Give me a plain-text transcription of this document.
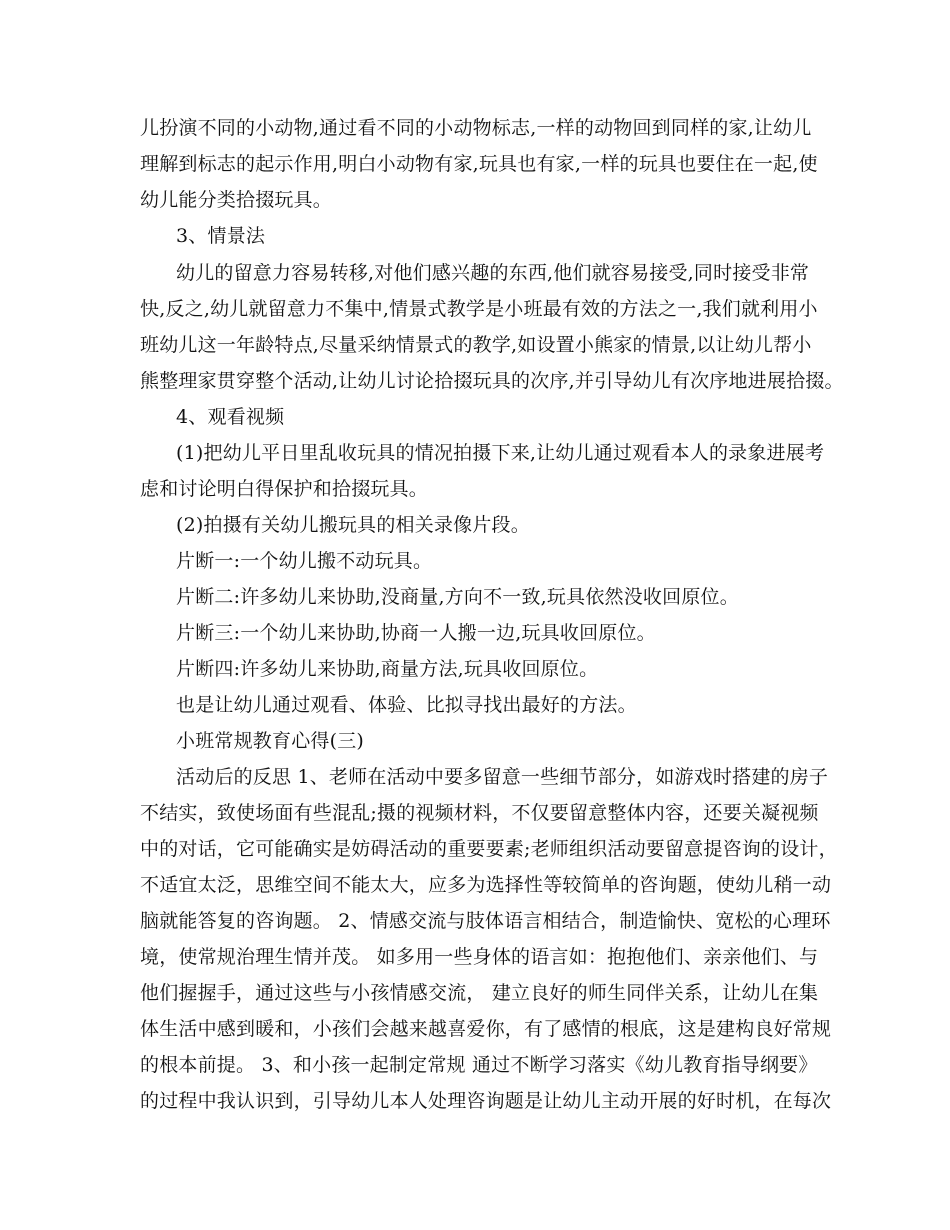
儿扮演不同的小动物,通过看不同的小动物标志,一样的动物回到同样的家,让幼儿
理解到标志的起示作用,明白小动物有家,玩具也有家,一样的玩具也要住在一起,使
幼儿能分类拾掇玩具。
3、情景法
幼儿的留意力容易转移,对他们感兴趣的东西,他们就容易接受,同时接受非常
快,反之,幼儿就留意力不集中,情景式教学是小班最有效的方法之一,我们就利用小
班幼儿这一年龄特点,尽量采纳情景式的教学,如设置小熊家的情景,以让幼儿帮小
熊整理家贯穿整个活动,让幼儿讨论拾掇玩具的次序,并引导幼儿有次序地进展拾掇。
4、观看视频
(1)把幼儿平日里乱收玩具的情况拍摄下来,让幼儿通过观看本人的录象进展考
虑和讨论明白得保护和拾掇玩具。
(2)拍摄有关幼儿搬玩具的相关录像片段。
片断一:一个幼儿搬不动玩具。
片断二:许多幼儿来协助,没商量,方向不一致,玩具依然没收回原位。
片断三:一个幼儿来协助,协商一人搬一边,玩具收回原位。
片断四:许多幼儿来协助,商量方法,玩具收回原位。
也是让幼儿通过观看、体验、比拟寻找出最好的方法。
小班常规教育心得(三)
活动后的反思 1、老师在活动中要多留意一些细节部分，如游戏时搭建的房子
不结实，致使场面有些混乱;摄的视频材料，不仅要留意整体内容，还要关凝视频
中的对话，它可能确实是妨碍活动的重要要素;老师组织活动要留意提咨询的设计，
不适宜太泛，思维空间不能太大，应多为选择性等较简单的咨询题，使幼儿稍一动
脑就能答复的咨询题。 2、情感交流与肢体语言相结合，制造愉快、宽松的心理环
境，使常规治理生情并茂。 如多用一些身体的语言如：抱抱他们、亲亲他们、与
他们握握手，通过这些与小孩情感交流， 建立良好的师生同伴关系，让幼儿在集
体生活中感到暖和，小孩们会越来越喜爱你，有了感情的根底，这是建构良好常规
的根本前提。 3、和小孩一起制定常规 通过不断学习落实《幼儿教育指导纲要》
的过程中我认识到，引导幼儿本人处理咨询题是让幼儿主动开展的好时机，在每次
